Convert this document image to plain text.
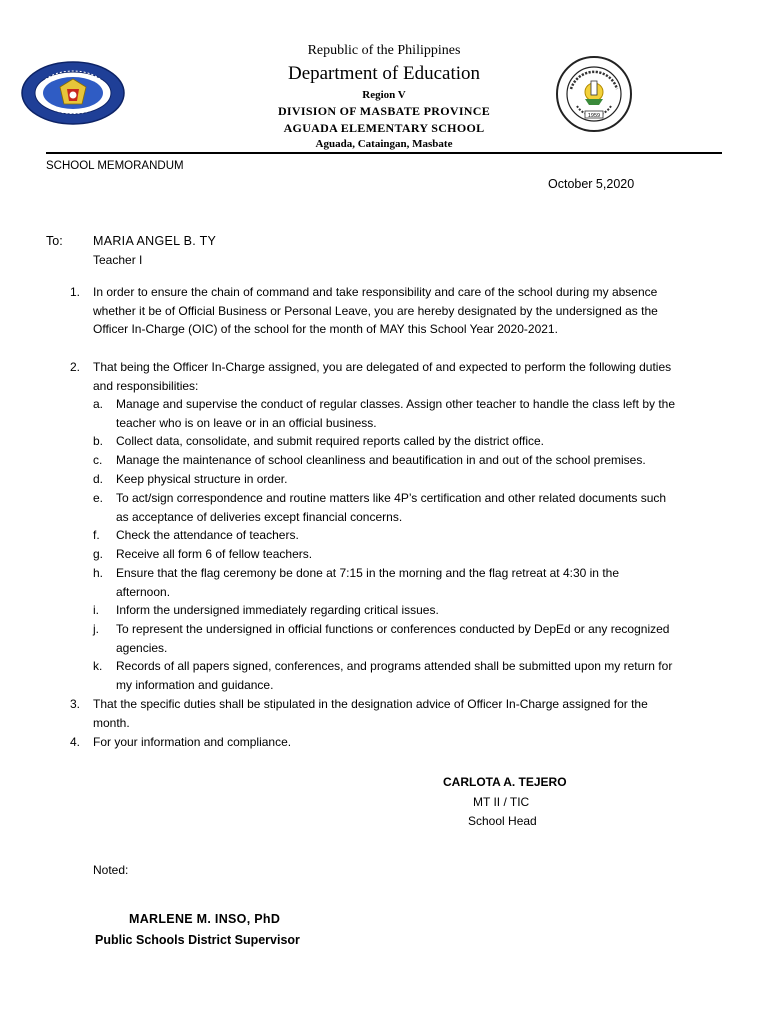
1959
Republic of the Philippines
Department of Education
Region V
DIVISION OF MASBATE PROVINCE
AGUADA ELEMENTARY SCHOOL
Aguada, Cataingan, Masbate
SCHOOL MEMORANDUM
October 5,2020
To: MARIA ANGEL B. TY
Teacher I
1.	In order to ensure the chain of command and take responsibility and care of the school during my absence
whether it be of Official Business or Personal Leave, you are hereby designated by the undersigned as the
Officer In-Charge (OIC) of the school for the month of MAY this School Year 2020-2021.
2.	That being the Officer In-Charge assigned, you are delegated of and expected to perform the following duties
and responsibilities:
a.	Manage and supervise the conduct of regular classes. Assign other teacher to handle the class left by the
teacher who is on leave or in an official business.
b.	Collect data, consolidate, and submit required reports called by the district office.
c.	Manage the maintenance of school cleanliness and beautification in and out of the school premises.
d.	Keep physical structure in order.
e.	To act/sign correspondence and routine matters like 4P’s certification and other related documents such
as acceptance of deliveries except financial concerns.
f.	Check the attendance of teachers.
g.	Receive all form 6 of fellow teachers.
h.	Ensure that the flag ceremony be done at 7:15 in the morning and the flag retreat at 4:30 in the
afternoon.
i.	Inform the undersigned immediately regarding critical issues.
j.	To represent the undersigned in official functions or conferences conducted by DepEd or any recognized
agencies.
k.	Records of all papers signed, conferences, and programs attended shall be submitted upon my return for
my information and guidance.
3.	That the specific duties shall be stipulated in the designation advice of Officer In-Charge assigned for the
month.
4.	For your information and compliance.
CARLOTA A. TEJERO
MT II / TIC
School Head
Noted:
MARLENE M. INSO, PhD
Public Schools District Supervisor
